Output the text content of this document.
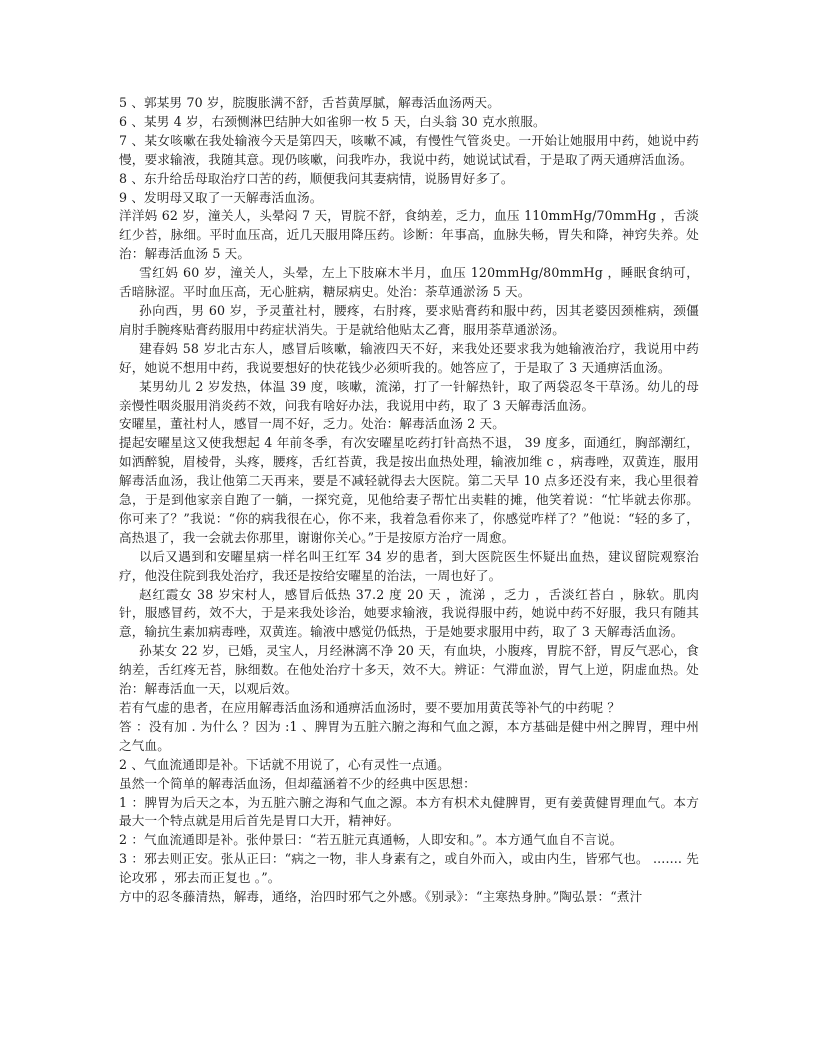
5 、郭某男 70 岁，脘腹胀满不舒，舌苔黄厚腻，解毒活血汤两天。

6 、某男 4 岁，右颈恻淋巴结肿大如雀卵一枚 5 天，白头翁 30 克水煎服。

7 、某女咳嗽在我处输液今天是第四天，咳嗽不减，有慢性气管炎史。一开始让她服用中药，她说中药慢，要求输液，我随其意。现仍咳嗽，问我咋办，我说中药，她说试试看，于是取了两天通痹活血汤。

8 、东升给岳母取治疗口苦的药，顺便我问其妻病情，说肠胃好多了。

9 、发明母又取了一天解毒活血汤。

洋洋妈 62 岁，潼关人，头晕闷 7 天，胃脘不舒，食纳差，乏力，血压 110mmHg/70mmHg ，舌淡红少苔，脉细。平时血压高，近几天服用降压药。诊断：年事高，血脉失畅，胃失和降，神窍失养。处治：解毒活血汤 5 天。

雪红妈 60 岁，潼关人，头晕，左上下肢麻木半月，血压 120mmHg/80mmHg ，睡眠食纳可，舌暗脉涩。平时血压高，无心脏病，糖尿病史。处治：荼草通淤汤 5 天。

孙向西，男 60 岁，予灵董社村，腰疼，右肘疼，要求贴膏药和服中药，因其老婆因颈椎病，颈僵肩肘手腕疼贴膏药服用中药症状消失。于是就给他贴太乙膏，服用荼草通淤汤。

建春妈 58 岁北古东人，感冒后咳嗽，输液四天不好，来我处还要求我为她输液治疗，我说用中药好，她说不想用中药，我说要想好的快花钱少必须听我的。她答应了，于是取了 3 天通痹活血汤。

某男幼儿 2 岁发热，体温 39 度，咳嗽，流涕，打了一针解热针，取了两袋忍冬干草汤。幼儿的母亲慢性咽炎服用消炎药不效，问我有啥好办法，我说用中药，取了 3 天解毒活血汤。

安曜星，董社村人，感冒一周不好，乏力。处治：解毒活血汤 2 天。

提起安曜星这又使我想起 4 年前冬季，有次安曜星吃药打针高热不退， 39 度多，面通红，胸部潮红，如洒醉貌，眉棱骨，头疼，腰疼，舌红苔黄，我是按出血热处理，输液加维 c ，病毒唑，双黄连，服用解毒活血汤，我让他第二天再来，要是不减轻就得去大医院。第二天早 10 点多还没有来，我心里很着急，于是到他家亲自跑了一躺，一探究竟，见他给妻子帮忙出卖鞋的摊，他笑着说：“忙毕就去你那。你可来了？”我说：“你的病我很在心，你不来，我着急看你来了，你感觉咋样了？”他说：“轻的多了，高热退了，我一会就去你那里，谢谢你关心。”于是按原方治疗一周愈。

以后又遇到和安曜星病一样名叫王红军 34 岁的患者，到大医院医生怀疑出血热，建议留院观察治疗，他没住院到我处治疗，我还是按给安曜星的治法，一周也好了。

赵红霞女 38 岁宋村人，感冒后低热 37.2 度 20 天 ，流涕 ，乏力 ，舌淡红苔白 ，脉软。肌肉针，服感冒药，效不大，于是来我处诊治，她要求输液，我说得服中药，她说中药不好服，我只有随其意，输抗生素加病毒唑，双黄连。输液中感觉仍低热，于是她要求服用中药，取了 3 天解毒活血汤。

孙某女 22 岁，已婚，灵宝人，月经淋漓不净 20 天，有血块，小腹疼，胃脘不舒，胃反气恶心，食纳差，舌红疼无苔，脉细数。在他处治疗十多天，效不大。辨证：气滞血淤，胃气上逆，阴虚血热。处治：解毒活血一天，以观后效。

若有气虚的患者，在应用解毒活血汤和通痹活血汤时，要不要加用黄芪等补气的中药呢 ？

答 ：没有加 . 为什么 ？因为 :1 、脾胃为五脏六腑之海和气血之源，本方基础是健中州之脾胃，理中州之气血。

2 、气血流通即是补。下话就不用说了，心有灵性一点通。

虽然一个简单的解毒活血汤，但却蕴涵着不少的经典中医思想：

1 ：脾胃为后天之本，为五脏六腑之海和气血之源。本方有枳术丸健脾胃，更有姜黄健胃理血气。本方最大一个特点就是用后首先是胃口大开，精神好。

2 ：气血流通即是补。张仲景曰：“若五脏元真通畅，人即安和。”。本方通气血自不言说。

3 ：邪去则正安。张从正曰：“病之一物，非人身素有之，或自外而入，或由内生，皆邪气也。 ....... 先论攻邪 ，邪去而正复也 。”。

方中的忍冬藤清热，解毒，通络，治四时邪气之外感。《别录》：“主寒热身肿。”陶弘景：“煮汁
